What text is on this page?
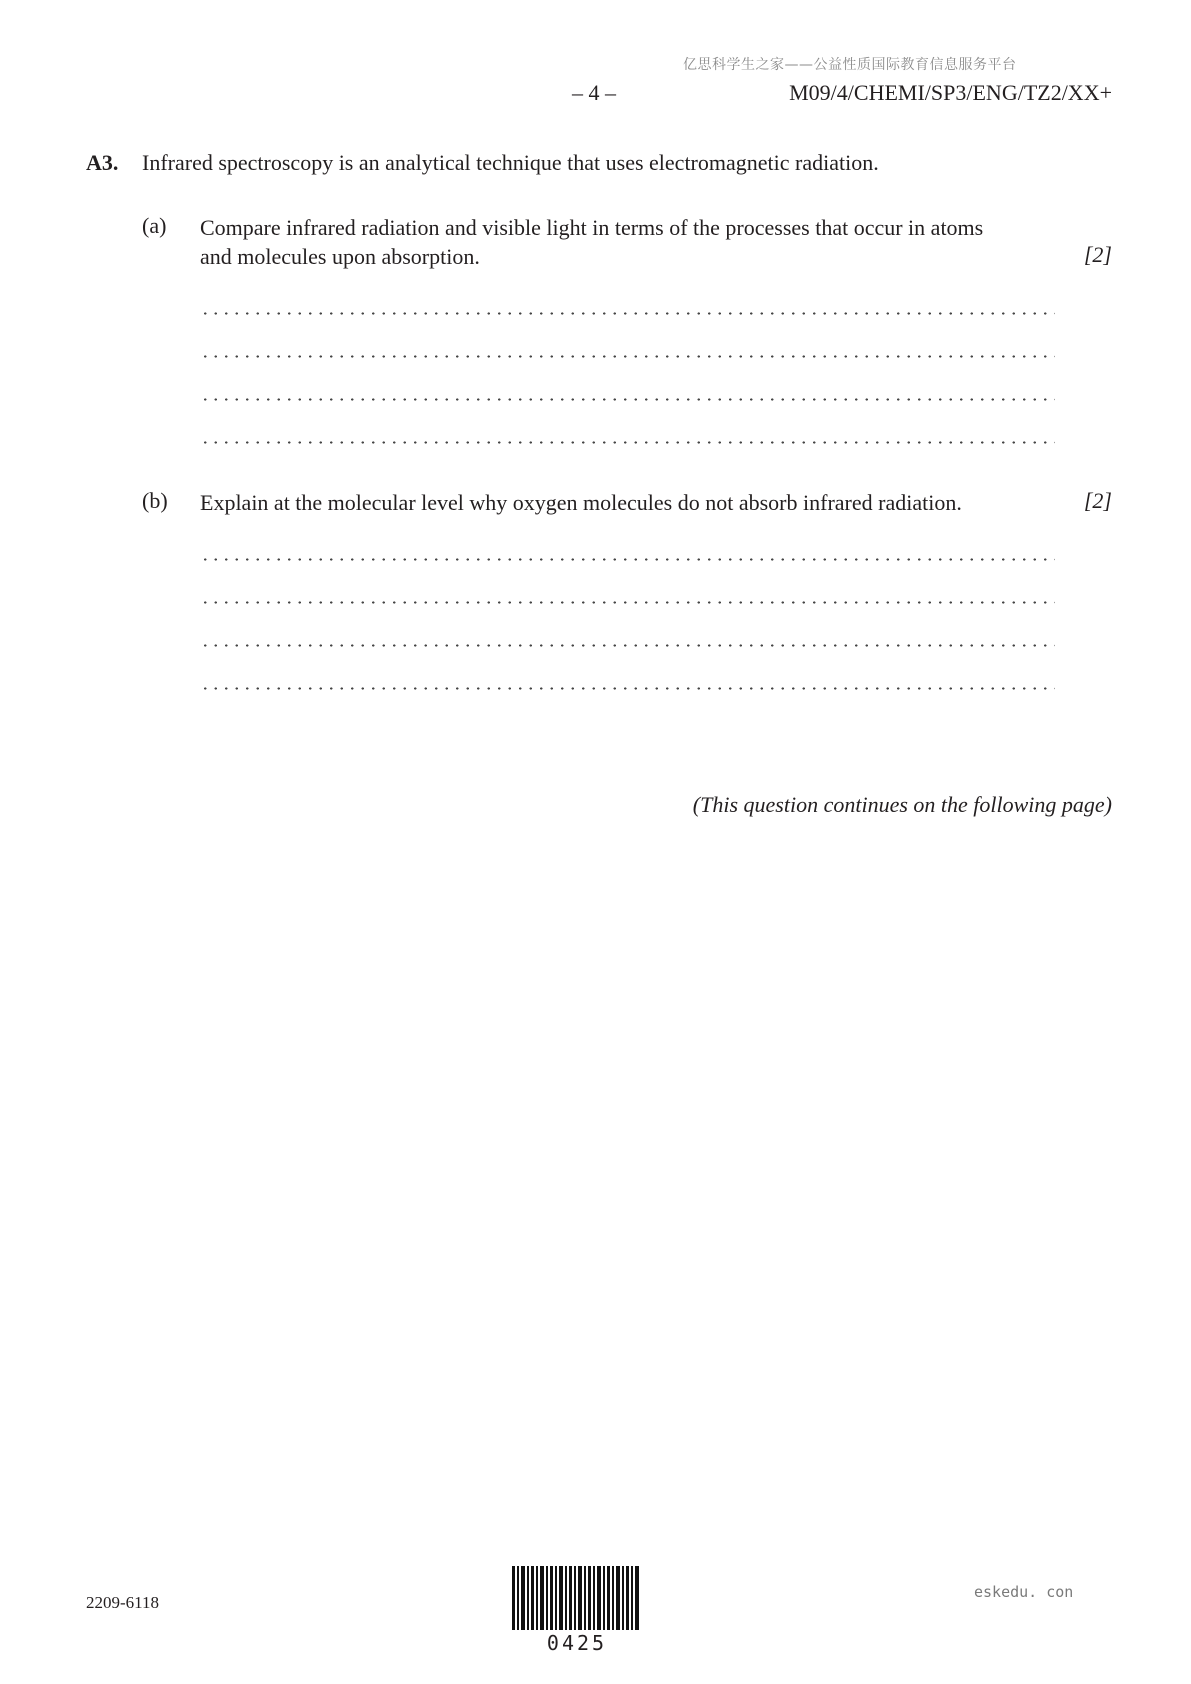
亿思科学生之家——公益性质国际教育信息服务平台
– 4 –	M09/4/CHEMI/SP3/ENG/TZ2/XX+
A3. Infrared spectroscopy is an analytical technique that uses electromagnetic radiation.
(a) Compare infrared radiation and visible light in terms of the processes that occur in atoms
and molecules upon absorption.	[2]
(b) Explain at the molecular level why oxygen molecules do not absorb infrared radiation.	[2]
(This question continues on the following page)
2209-6118
0425
eskedu. con
